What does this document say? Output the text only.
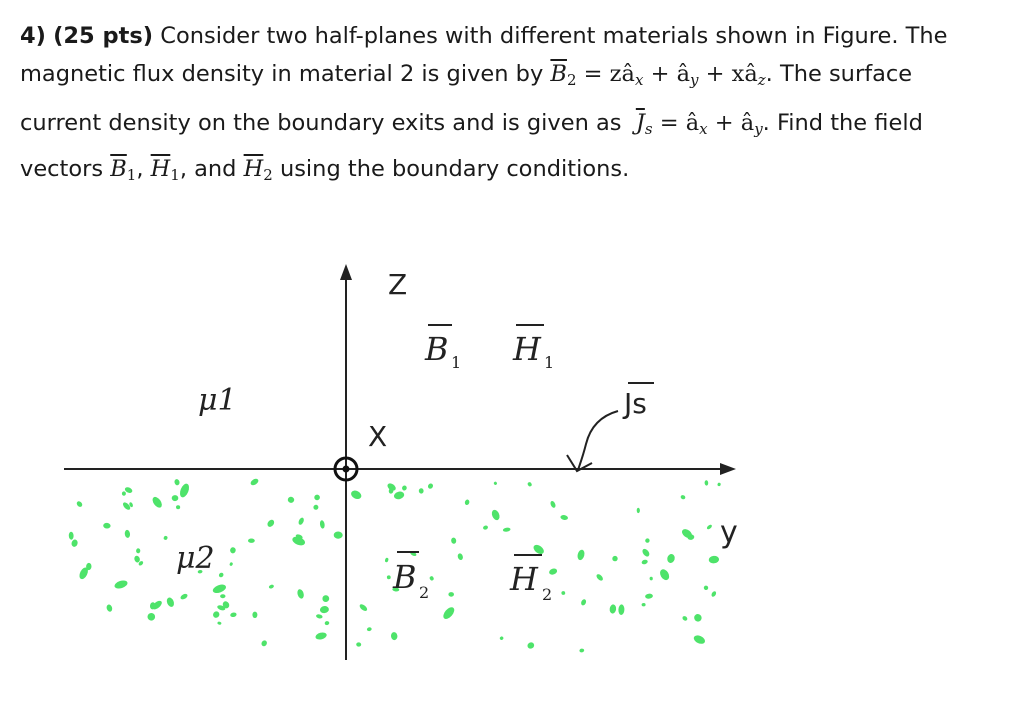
4) (25 pts) Consider two half-planes with different materials shown in Figure. The
magnetic flux density in material 2 is given by $\overline{B}_2$ = $zâ_x$ + $â_y$ + $xâ_z$. The surface
current density on the boundary exits and is given as $\overline{J}_s$ = $â_x$ + $â_y$. Find the field
vectors $\overline{B}_1$, $\overline{H}_1$, and $\overline{H}_2$ using the boundary conditions.
Z
X
y
μ1
μ2
B 1 H 1
B 2	H 2
Js
